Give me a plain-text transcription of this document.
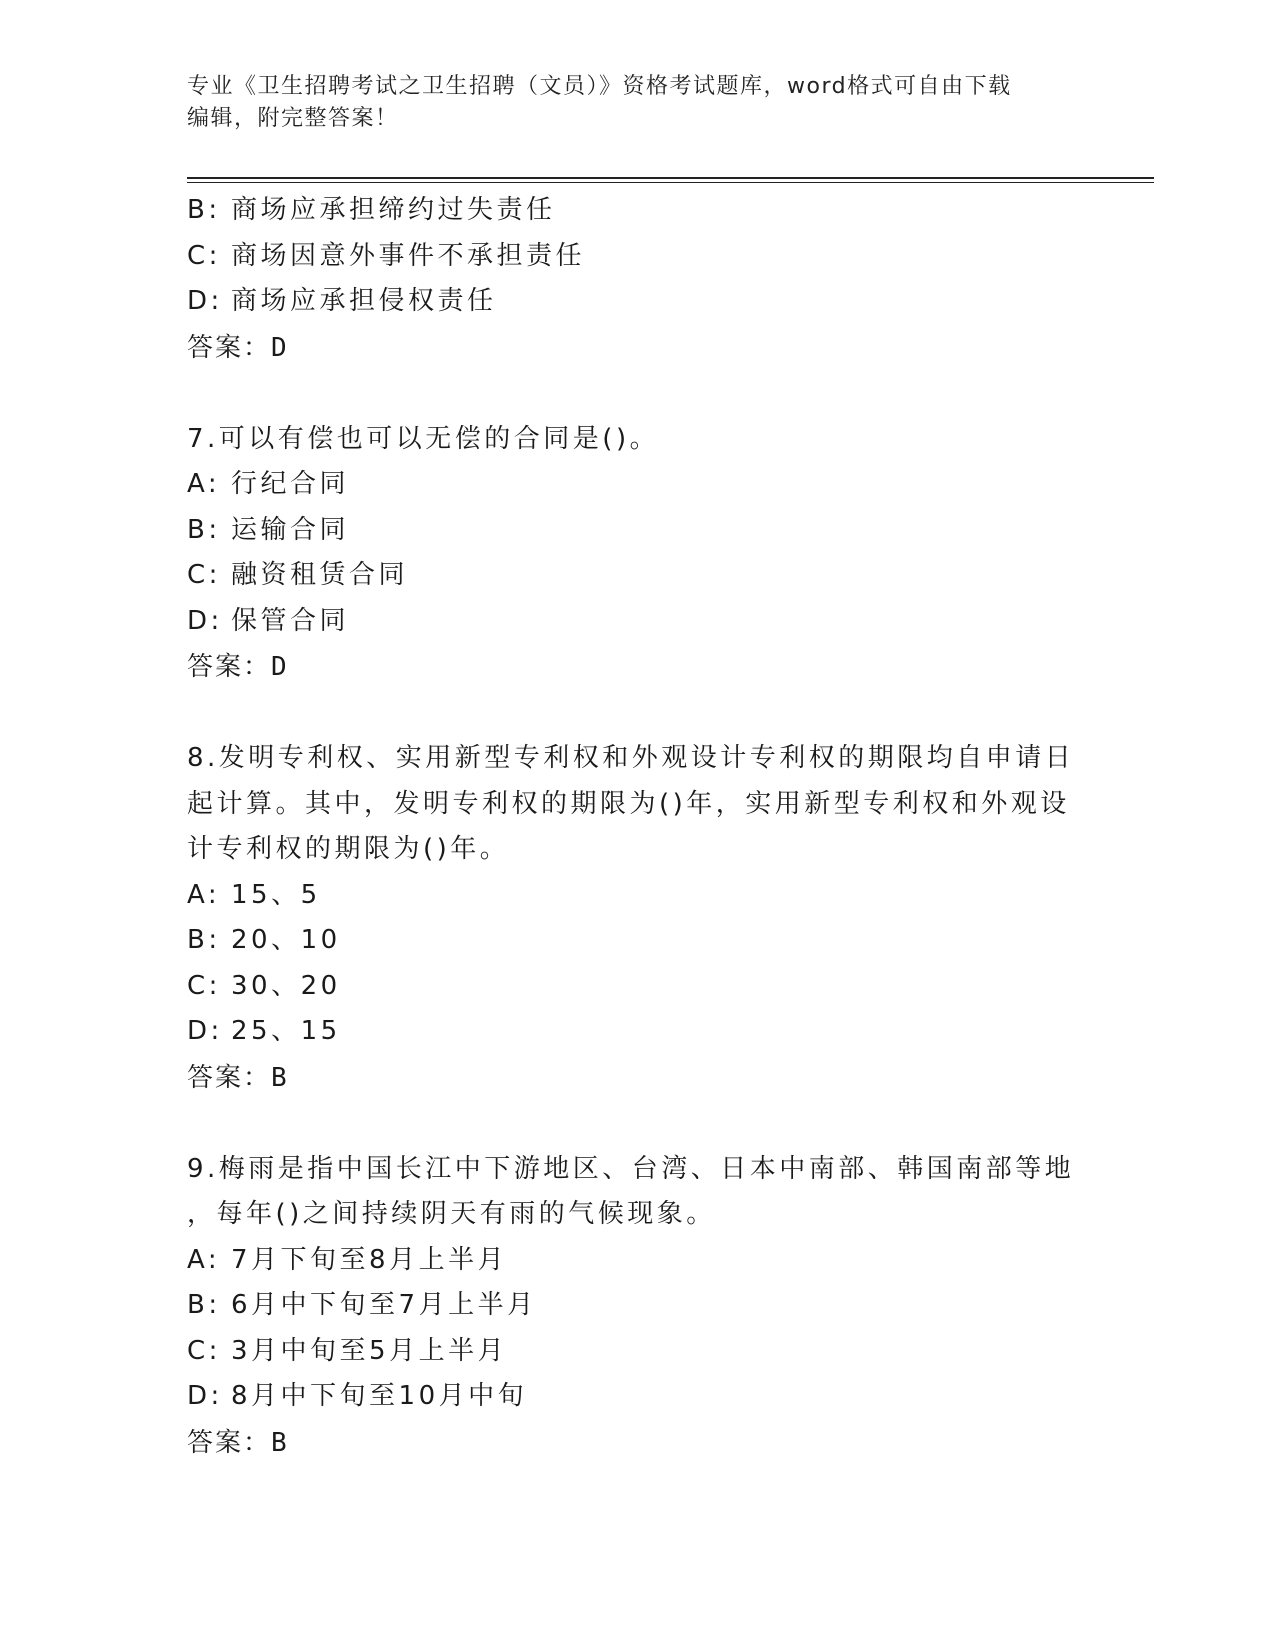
专业《卫生招聘考试之卫生招聘（文员）》资格考试题库，word格式可自由下载
编辑，附完整答案！
B: 商场应承担缔约过失责任
C: 商场因意外事件不承担责任
D: 商场应承担侵权责任
答案：D
7.可以有偿也可以无偿的合同是()。
A: 行纪合同
B: 运输合同
C: 融资租赁合同
D: 保管合同
答案：D
8.发明专利权、实用新型专利权和外观设计专利权的期限均自申请日
起计算。其中，发明专利权的期限为()年，实用新型专利权和外观设
计专利权的期限为()年。
A: 15、5
B: 20、10
C: 30、20
D: 25、15
答案：B
9.梅雨是指中国长江中下游地区、台湾、日本中南部、韩国南部等地
，每年()之间持续阴天有雨的气候现象。
A: 7月下旬至8月上半月
B: 6月中下旬至7月上半月
C: 3月中旬至5月上半月
D: 8月中下旬至10月中旬
答案：B
